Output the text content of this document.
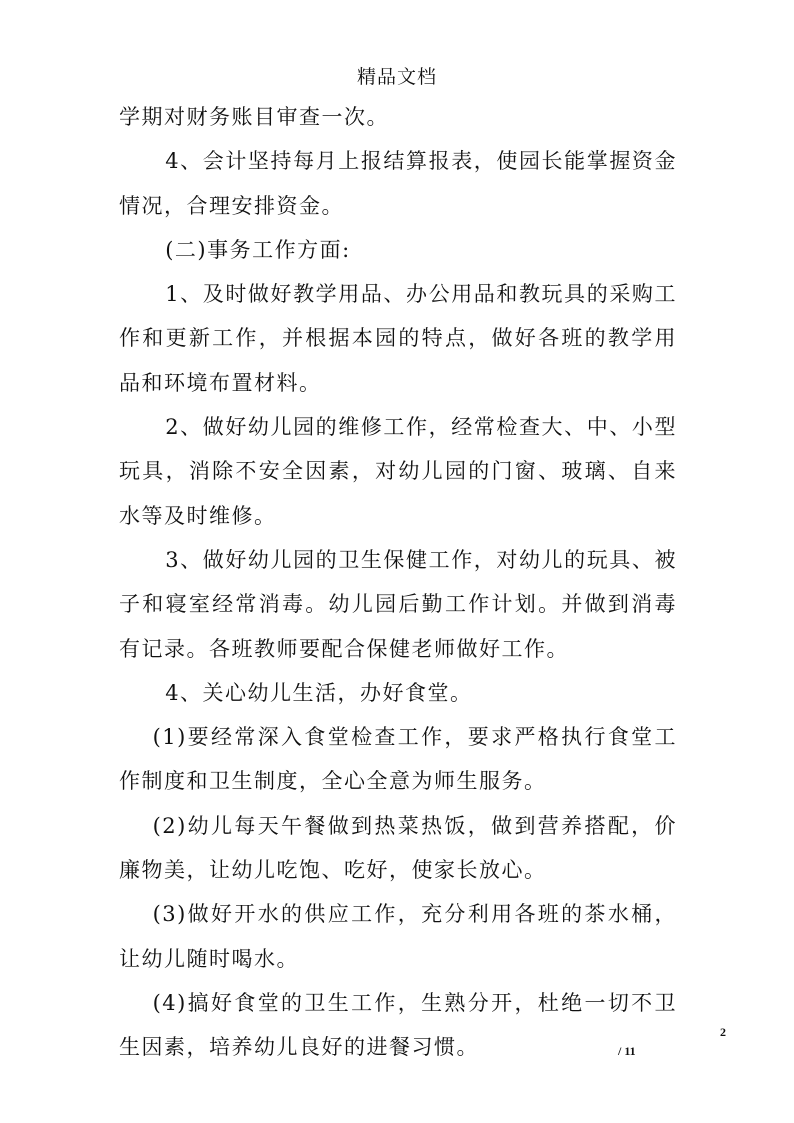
精品文档

学期对财务账目审查一次。

4、会计坚持每月上报结算报表，使园长能掌握资金情况，合理安排资金。

(二)事务工作方面:

1、及时做好教学用品、办公用品和教玩具的采购工作和更新工作，并根据本园的特点，做好各班的教学用品和环境布置材料。

2、做好幼儿园的维修工作，经常检查大、中、小型玩具，消除不安全因素，对幼儿园的门窗、玻璃、自来水等及时维修。

3、做好幼儿园的卫生保健工作，对幼儿的玩具、被子和寝室经常消毒。幼儿园后勤工作计划。并做到消毒有记录。各班教师要配合保健老师做好工作。

4、关心幼儿生活，办好食堂。

(1)要经常深入食堂检查工作，要求严格执行食堂工作制度和卫生制度，全心全意为师生服务。

(2)幼儿每天午餐做到热菜热饭，做到营养搭配，价廉物美，让幼儿吃饱、吃好，使家长放心。

(3)做好开水的供应工作，充分利用各班的茶水桶，让幼儿随时喝水。

(4)搞好食堂的卫生工作，生熟分开，杜绝一切不卫生因素，培养幼儿良好的进餐习惯。

2
/ 11
